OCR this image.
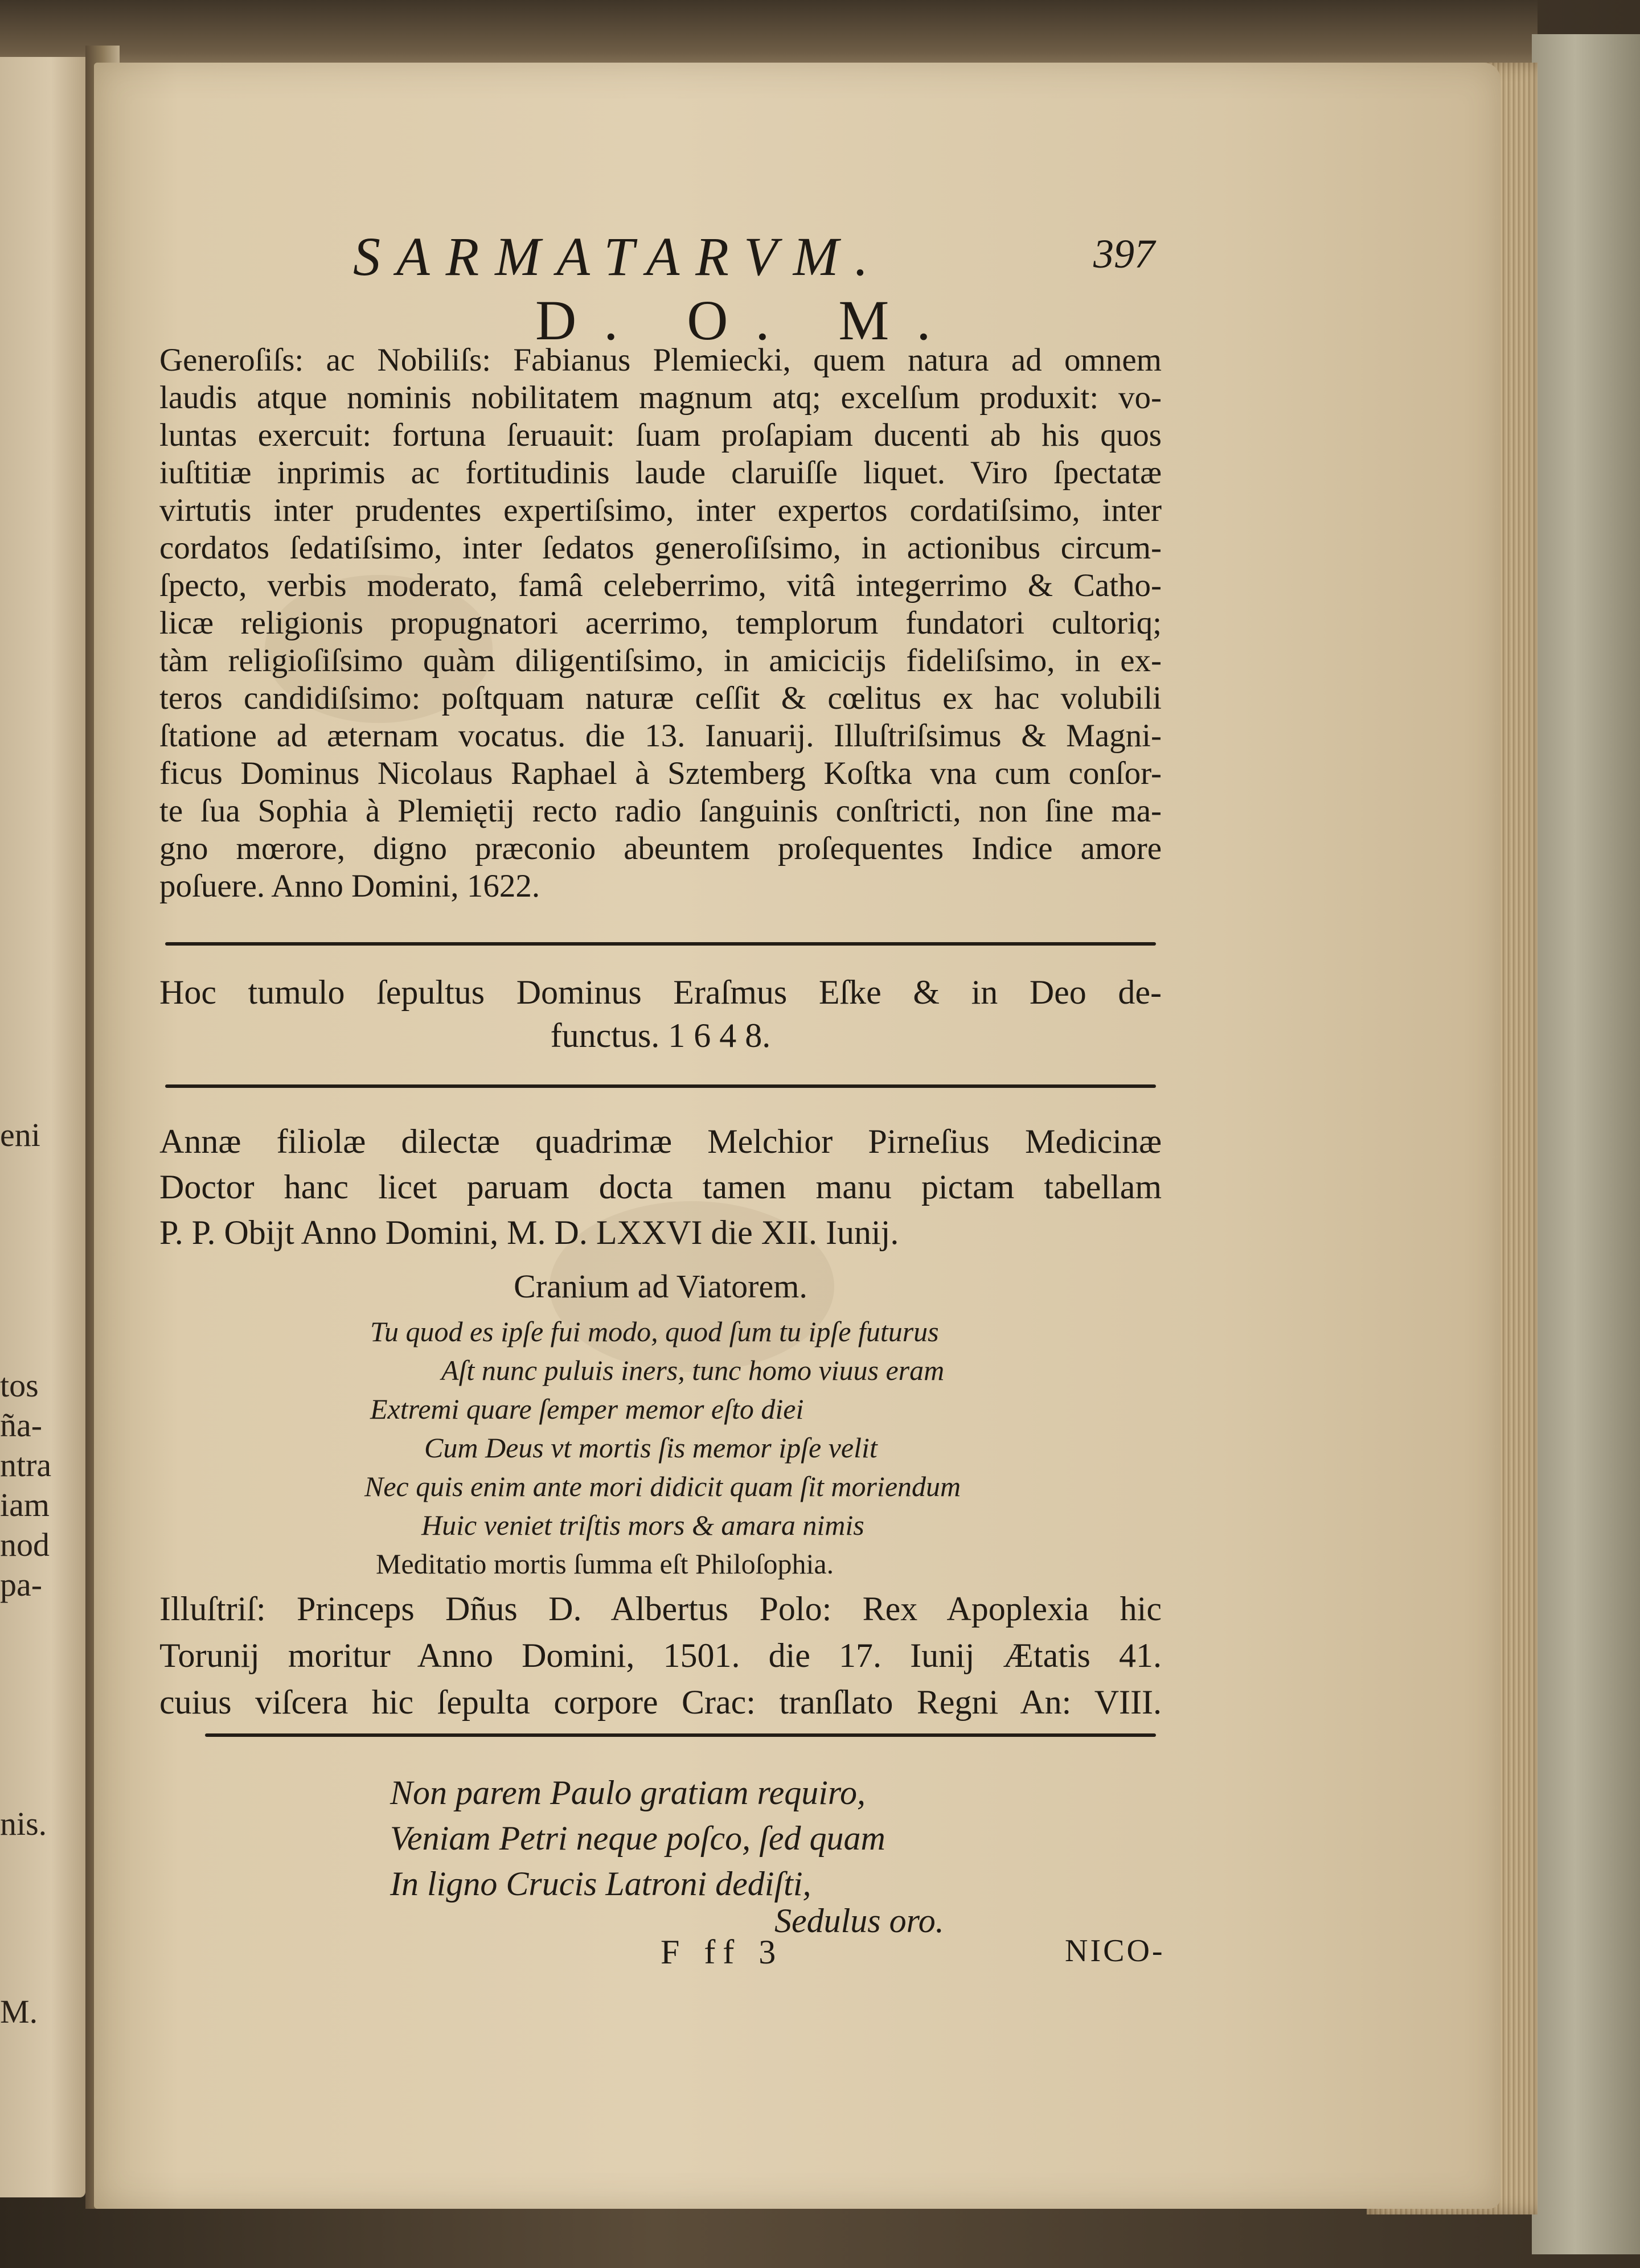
eni
tos
ña-
ntra
iam
nod
pa-
nis.
M.
SARMATARVM.	397
D. O. M.
Generoſiſs: ac Nobiliſs: Fabianus Plemiecki, quem natura ad omnem
laudis atque nominis nobilitatem magnum atq; excelſum produxit: vo-
luntas exercuit: fortuna ſeruauit: ſuam proſapiam ducenti ab his quos
iuſtitiæ inprimis ac fortitudinis laude claruiſſe liquet. Viro ſpectatæ
virtutis inter prudentes expertiſsimo, inter expertos cordatiſsimo, inter
cordatos ſedatiſsimo, inter ſedatos generoſiſsimo, in actionibus circum-
ſpecto, verbis moderato, famâ celeberrimo, vitâ integerrimo & Catho-
licæ religionis propugnatori acerrimo, templorum fundatori cultoriq;
tàm religioſiſsimo quàm diligentiſsimo, in amicicijs fideliſsimo, in ex-
teros candidiſsimo: poſtquam naturæ ceſſit & cœlitus ex hac volubili
ſtatione ad æternam vocatus. die 13. Ianuarij. Illuſtriſsimus & Magni-
ficus Dominus Nicolaus Raphael à Sztemberg Koſtka vna cum conſor-
te ſua Sophia à Plemiętij recto radio ſanguinis conſtricti, non ſine ma-
gno mœrore, digno præconio abeuntem proſequentes Indice amore
poſuere. Anno Domini, 1622.
Hoc tumulo ſepultus Dominus Eraſmus Eſke & in Deo de-
functus. 1 6 4 8.
Annæ filiolæ dilectæ quadrimæ Melchior Pirneſius Medicinæ
Doctor hanc licet paruam docta tamen manu pictam tabellam
P. P. Obijt Anno Domini, M. D. LXXVI die XII. Iunij.
Cranium ad Viatorem.
Tu quod es ipſe fui modo, quod ſum tu ipſe futurus
Aſt nunc puluis iners, tunc homo viuus eram
Extremi quare ſemper memor eſto diei
Cum Deus vt mortis ſis memor ipſe velit
Nec quis enim ante mori didicit quam ſit moriendum
Huic veniet triſtis mors & amara nimis
Meditatio mortis ſumma eſt Philoſophia.
Illuſtriſ: Princeps Dñus D. Albertus Polo: Rex Apoplexia hic
Torunij moritur Anno Domini, 1501. die 17. Iunij Ætatis 41.
cuius viſcera hic ſepulta corpore Crac: tranſlato Regni An: VIII.
Non parem Paulo gratiam requiro,
Veniam Petri neque poſco, ſed quam
In ligno Crucis Latroni dediſti,
Sedulus oro.
F ff 3	NICO-
